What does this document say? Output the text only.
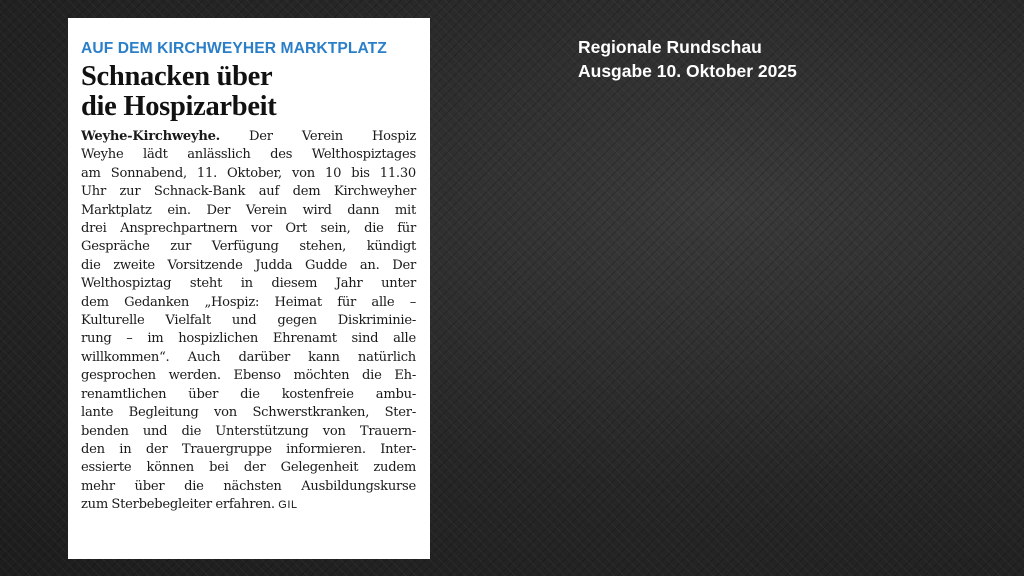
AUF DEM KIRCHWEYHER MARKTPLATZ
Schnacken über
die Hospizarbeit
Weyhe-Kirchweyhe. Der Verein Hospiz
Weyhe lädt anlässlich des Welthospiztages
am Sonnabend, 11. Oktober, von 10 bis 11.30
Uhr zur Schnack-Bank auf dem Kirchweyher
Marktplatz ein. Der Verein wird dann mit
drei Ansprechpartnern vor Ort sein, die für
Gespräche zur Verfügung stehen, kündigt
die zweite Vorsitzende Judda Gudde an. Der
Welthospiztag steht in diesem Jahr unter
dem Gedanken „Hospiz: Heimat für alle –
Kulturelle Vielfalt und gegen Diskriminie-
rung – im hospizlichen Ehrenamt sind alle
willkommen“. Auch darüber kann natürlich
gesprochen werden. Ebenso möchten die Eh-
renamtlichen über die kostenfreie ambu-
lante Begleitung von Schwerstkranken, Ster-
benden und die Unterstützung von Trauern-
den in der Trauergruppe informieren. Inter-
essierte können bei der Gelegenheit zudem
mehr über die nächsten Ausbildungskurse
zum Sterbebegleiter erfahren. GIL
Regionale Rundschau
Ausgabe 10. Oktober 2025
